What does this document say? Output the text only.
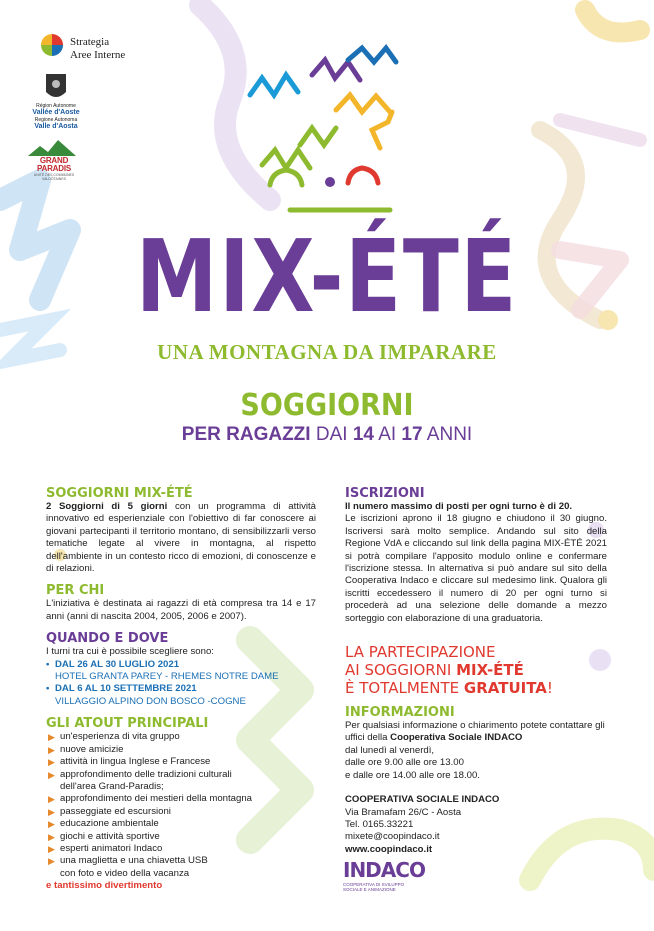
Strategia
Aree Interne
Région Autonome
Vallée d'Aoste
Regione Autonoma
Valle d'Aosta
GRAND PARADIS
UNITÉ DES COMMUNES VALDÔTAINES
MIX-ÉTÉ
UNA MONTAGNA DA IMPARARE
SOGGIORNI
PER RAGAZZI DAI 14 AI 17 ANNI
SOGGIORNI MIX-ÉTÉ

2 Soggiorni di 5 giorni con un programma di attività innovativo ed esperienziale con l'obiettivo di far conoscere ai giovani partecipanti il territorio montano, di sensibilizzarli verso tematiche legate al vivere in montagna, al rispetto dell'ambiente in un contesto ricco di emozioni, di conoscenze e di relazioni.

PER CHI

L'iniziativa è destinata ai ragazzi di età compresa tra 14 e 17 anni (anni di nascita 2004, 2005, 2006 e 2007).

QUANDO E DOVE
I turni tra cui è possibile scegliere sono:
• DAL 26 AL 30 LUGLIO 2021
HOTEL GRANTA PAREY - RHEMES NOTRE DAME
• DAL 6 AL 10 SETTEMBRE 2021
VILLAGGIO ALPINO DON BOSCO -COGNE
GLI ATOUT PRINCIPALI
▶ un'esperienza di vita gruppo
▶ nuove amicizie
▶ attività in lingua Inglese e Francese
▶ approfondimento delle tradizioni culturali
dell'area Grand-Paradis;
▶ approfondimento dei mestieri della montagna
▶ passeggiate ed escursioni
▶ educazione ambientale
▶ giochi e attività sportive
▶ esperti animatori Indaco
▶ una maglietta e una chiavetta USB
con foto e video della vacanza
e tantissimo divertimento
ISCRIZIONI
Il numero massimo di posti per ogni turno è di 20.

Le iscrizioni aprono il 18 giugno e chiudono il 30 giugno. Iscriversi sarà molto semplice. Andando sul sito della Regione VdA e cliccando sul link della pagina MIX-ÉTÉ 2021 si potrà compilare l'apposito modulo online e confermare l'iscrizione stessa. In alternativa si può andare sul sito della Cooperativa Indaco e cliccare sul medesimo link. Qualora gli iscritti eccedessero il numero di 20 per ogni turno si procederà ad una selezione delle domande a mezzo sorteggio con elaborazione di una graduatoria.

LA PARTECIPAZIONE
AI SOGGIORNI MIX-ÉTÉ
È TOTALMENTE GRATUITA!
INFORMAZIONI
Per qualsiasi informazione o chiarimento potete contattare gli uffici della Cooperativa Sociale INDACO
dal lunedì al venerdì,
dalle ore 9.00 alle ore 13.00
e dalle ore 14.00 alle ore 18.00.
COOPERATIVA SOCIALE INDACO
Via Bramafam 26/C - Aosta
Tel. 0165.33221
mixete@coopindaco.it
www.coopindaco.it
INDACO
COOPERATIVA DI SVILUPPO SOCIALE E ANIMAZIONE
